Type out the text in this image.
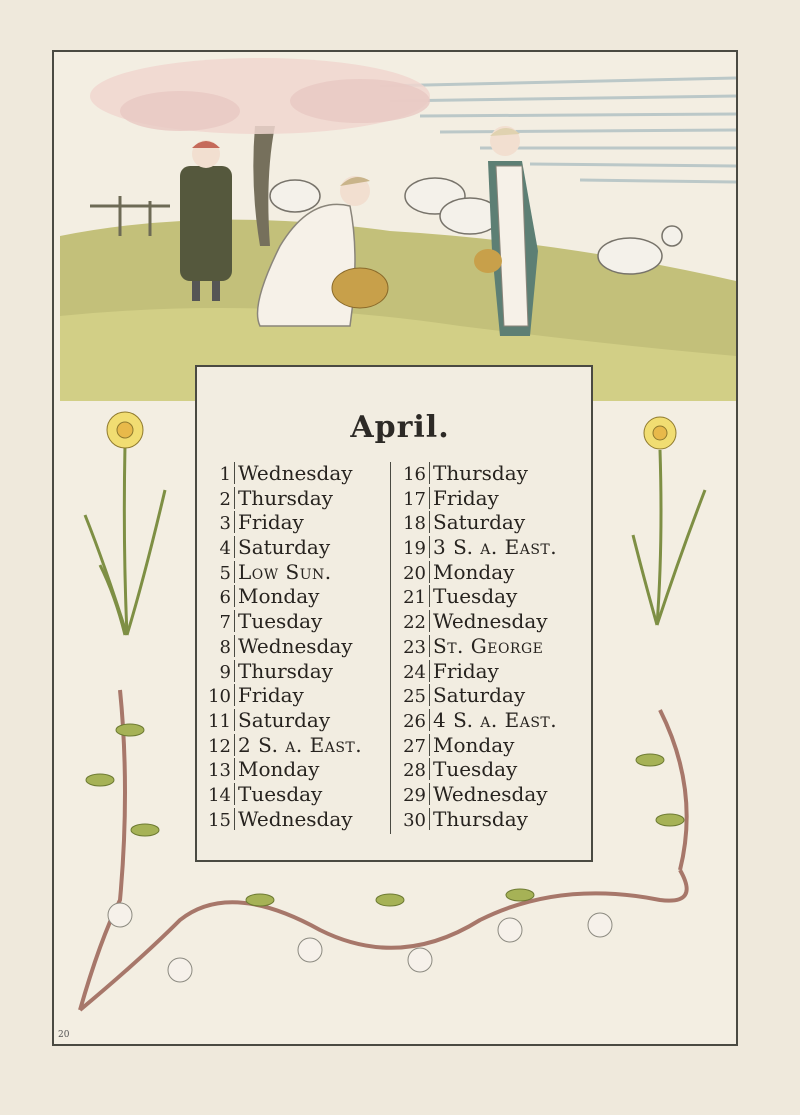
April.
1 Wednesday
2 Thursday
3 Friday
4 Saturday
5 Low Sun.
6 Monday
7 Tuesday
8 Wednesday
9 Thursday
10 Friday
11 Saturday
12 2 S. a. East.
13 Monday
14 Tuesday
15 Wednesday
16 Thursday
17 Friday
18 Saturday
19 3 S. a. East.
20 Monday
21 Tuesday
22 Wednesday
23 St. George
24 Friday
25 Saturday
26 4 S. a. East.
27 Monday
28 Tuesday
29 Wednesday
30 Thursday
20
